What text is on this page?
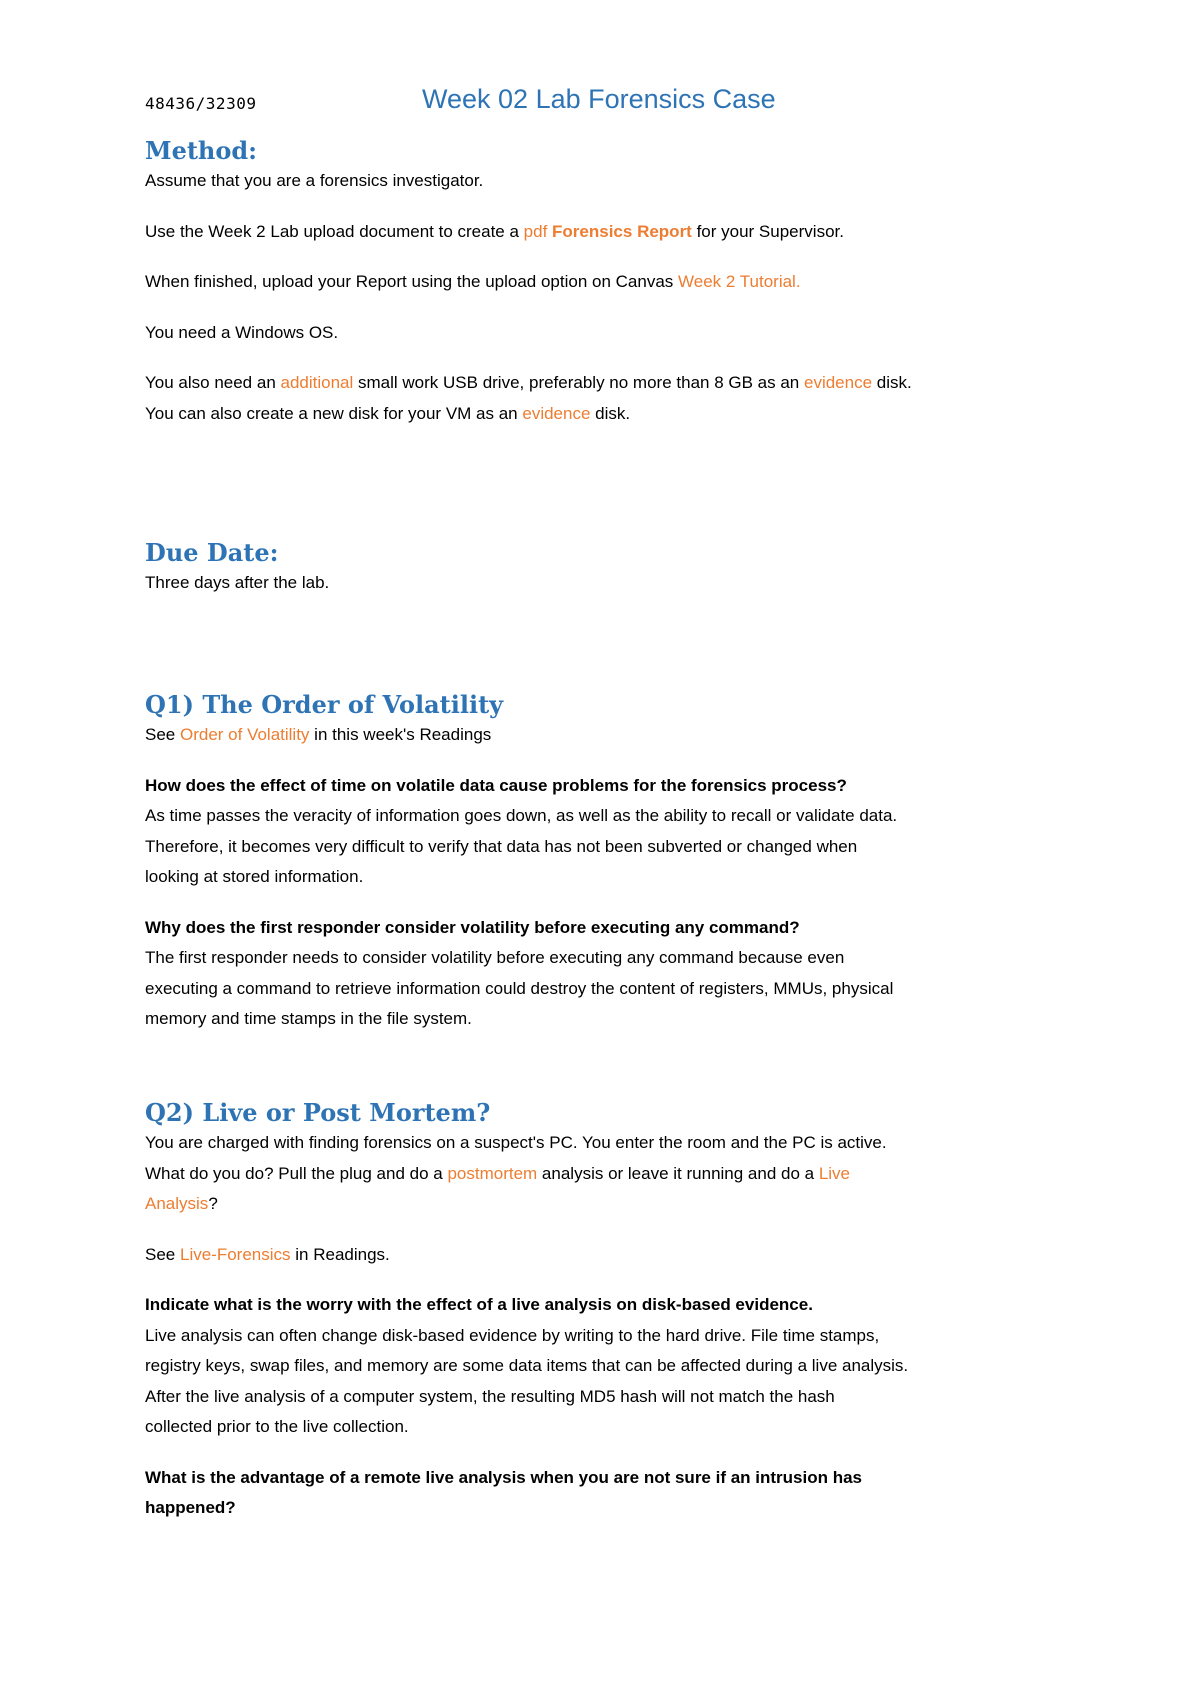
48436/32309	Week 02 Lab Forensics Case
Method:

Assume that you are a forensics investigator.

Use the Week 2 Lab upload document to create a pdf Forensics Report for your Supervisor.

When finished, upload your Report using the upload option on Canvas Week 2 Tutorial.

You need a Windows OS.

You also need an additional small work USB drive, preferably no more than 8 GB as an evidence disk.

You can also create a new disk for your VM as an evidence disk.

Due Date:

Three days after the lab.

Q1) The Order of Volatility

See Order of Volatility in this week's Readings

How does the effect of time on volatile data cause problems for the forensics process?

As time passes the veracity of information goes down, as well as the ability to recall or validate data.

Therefore, it becomes very difficult to verify that data has not been subverted or changed when

looking at stored information.

Why does the first responder consider volatility before executing any command?

The first responder needs to consider volatility before executing any command because even

executing a command to retrieve information could destroy the content of registers, MMUs, physical

memory and time stamps in the file system.

Q2) Live or Post Mortem?

You are charged with finding forensics on a suspect's PC. You enter the room and the PC is active.

What do you do? Pull the plug and do a postmortem analysis or leave it running and do a Live

Analysis?

See Live-Forensics in Readings.

Indicate what is the worry with the effect of a live analysis on disk-based evidence.

Live analysis can often change disk-based evidence by writing to the hard drive. File time stamps,

registry keys, swap files, and memory are some data items that can be affected during a live analysis.

After the live analysis of a computer system, the resulting MD5 hash will not match the hash

collected prior to the live collection.

What is the advantage of a remote live analysis when you are not sure if an intrusion has

happened?
